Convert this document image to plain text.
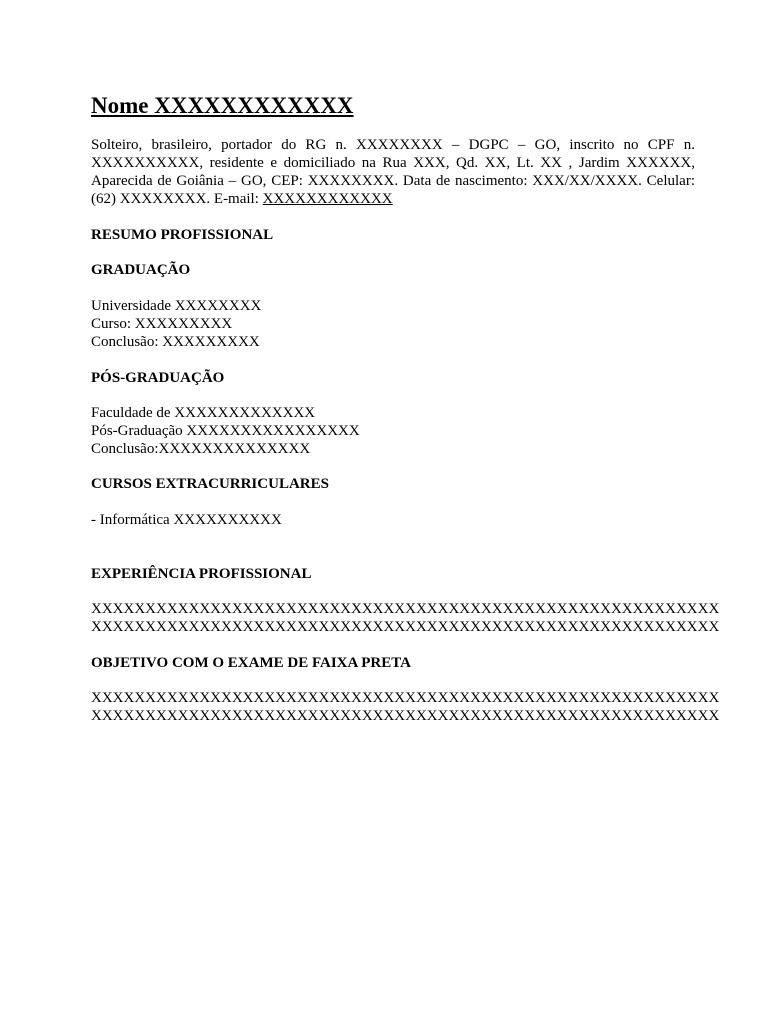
Nome XXXXXXXXXXXX

Solteiro, brasileiro, portador do RG n. XXXXXXXX – DGPC – GO, inscrito no CPF n. XXXXXXXXXX, residente e domiciliado na Rua XXX, Qd. XX, Lt. XX , Jardim XXXXXX, Aparecida de Goiânia – GO, CEP: XXXXXXXX. Data de nascimento: XXX/XX/XXXX. Celular: (62) XXXXXXXX. E-mail: XXXXXXXXXXXX

RESUMO PROFISSIONAL
GRADUAÇÃO
Universidade XXXXXXXX
Curso: XXXXXXXXX
Conclusão: XXXXXXXXX
PÓS-GRADUAÇÃO
Faculdade de XXXXXXXXXXXXX
Pós-Graduação XXXXXXXXXXXXXXXX
Conclusão:XXXXXXXXXXXXXX
CURSOS EXTRACURRICULARES
- Informática XXXXXXXXXX
EXPERIÊNCIA PROFISSIONAL
XXXXXXXXXXXXXXXXXXXXXXXXXXXXXXXXXXXXXXXXXXXXXXXXXXXXXXXXXX
XXXXXXXXXXXXXXXXXXXXXXXXXXXXXXXXXXXXXXXXXXXXXXXXXXXXXXXXXX
OBJETIVO COM O EXAME DE FAIXA PRETA
XXXXXXXXXXXXXXXXXXXXXXXXXXXXXXXXXXXXXXXXXXXXXXXXXXXXXXXXXX
XXXXXXXXXXXXXXXXXXXXXXXXXXXXXXXXXXXXXXXXXXXXXXXXXXXXXXXXXX
